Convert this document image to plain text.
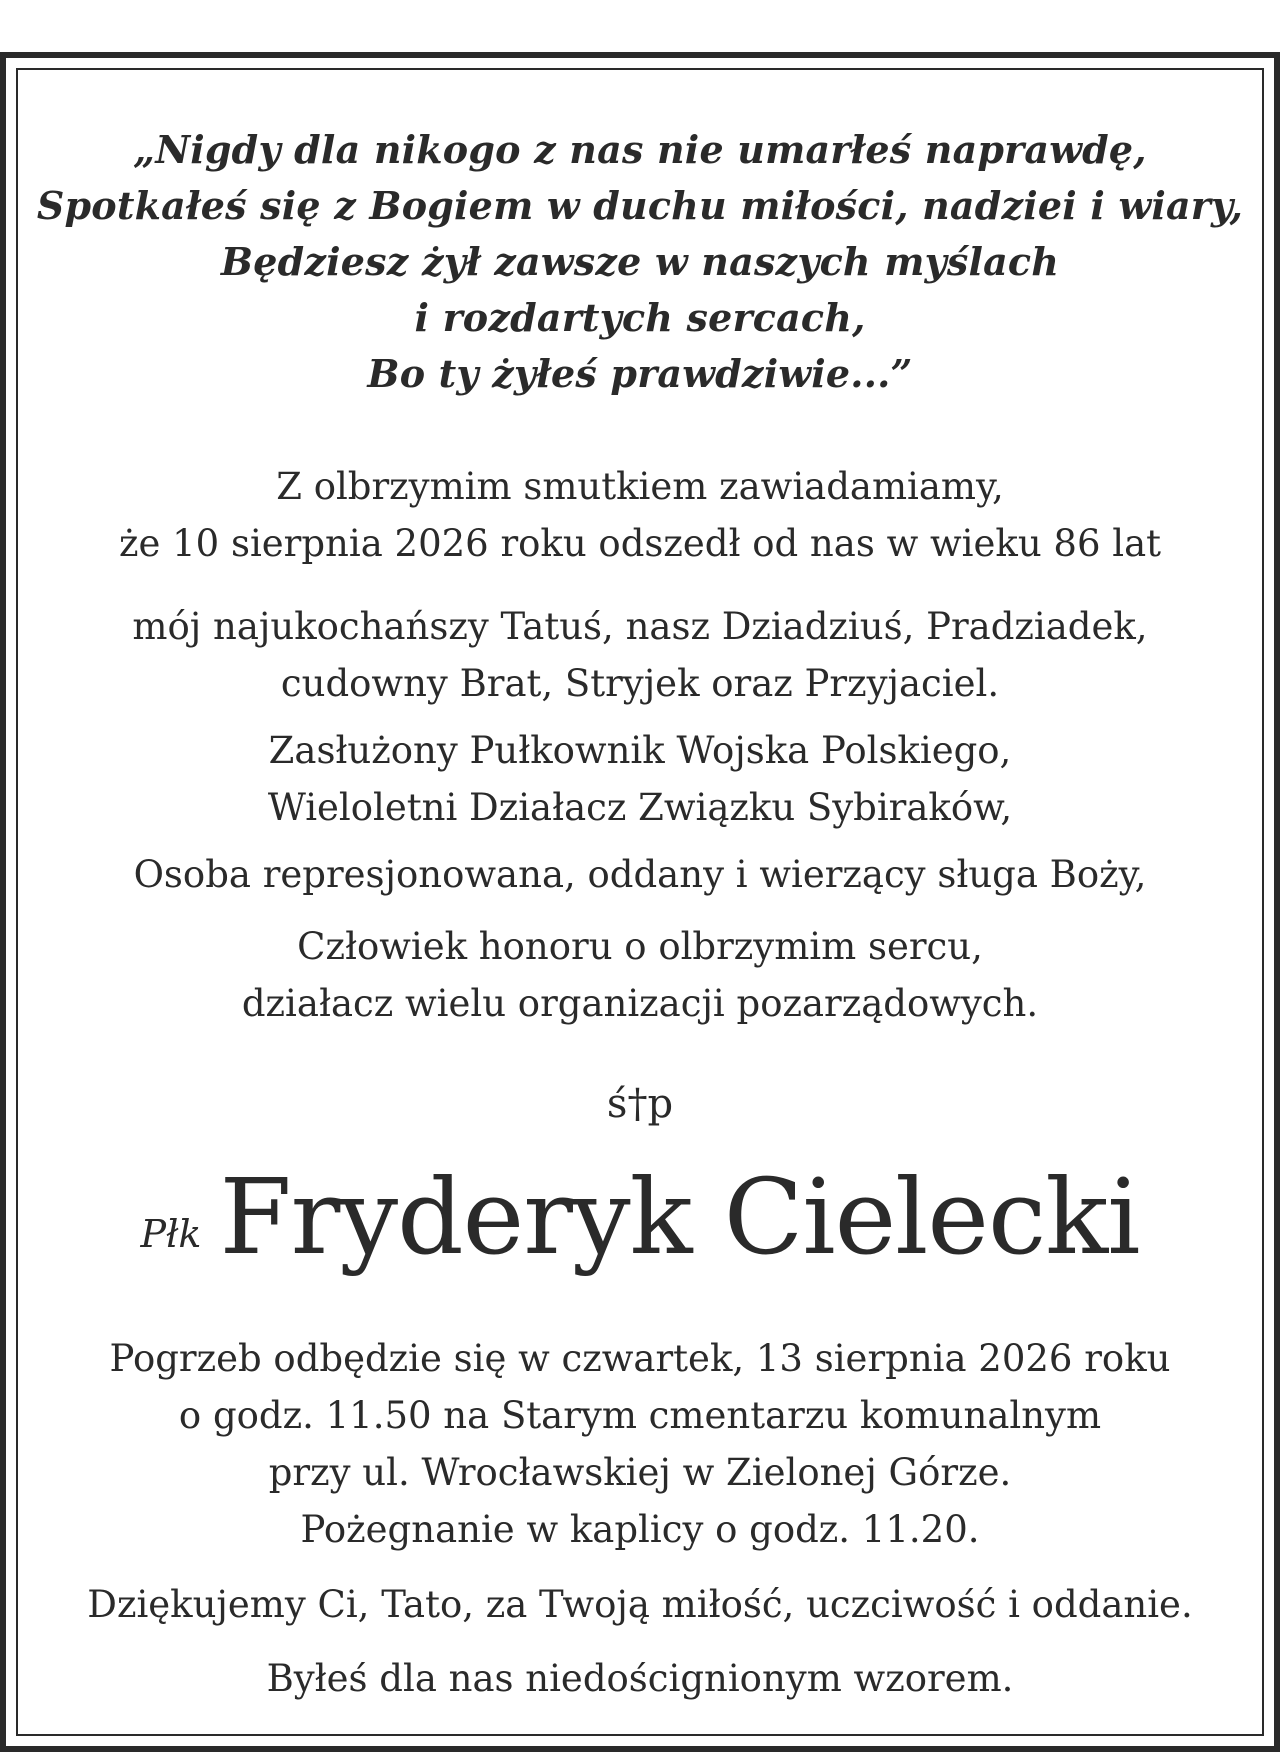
„Nigdy dla nikogo z nas nie umarłeś naprawdę,
Spotkałeś się z Bogiem w duchu miłości, nadziei i wiary,
Będziesz żył zawsze w naszych myślach
i rozdartych sercach,
Bo ty żyłeś prawdziwie...”
Z olbrzymim smutkiem zawiadamiamy,
że 10 sierpnia 2026 roku odszedł od nas w wieku 86 lat
mój najukochańszy Tatuś, nasz Dziadziuś, Pradziadek,
cudowny Brat, Stryjek oraz Przyjaciel.
Zasłużony Pułkownik Wojska Polskiego,
Wieloletni Działacz Związku Sybiraków,
Osoba represjonowana, oddany i wierzący sługa Boży,
Człowiek honoru o olbrzymim sercu,
działacz wielu organizacji pozarządowych.
ś†p
Płk Fryderyk Cielecki
Pogrzeb odbędzie się w czwartek, 13 sierpnia 2026 roku
o godz. 11.50 na Starym cmentarzu komunalnym
przy ul. Wrocławskiej w Zielonej Górze.
Pożegnanie w kaplicy o godz. 11.20.
Dziękujemy Ci, Tato, za Twoją miłość, uczciwość i oddanie.
Byłeś dla nas niedoścignionym wzorem.
